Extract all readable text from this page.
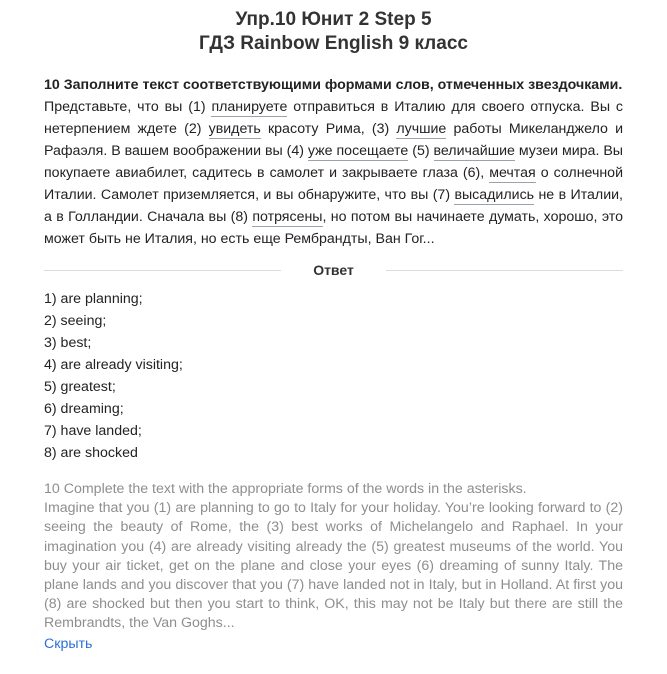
Упр.10 Юнит 2 Step 5
ГДЗ Rainbow English 9 класс
10 Заполните текст соответствующими формами слов, отмеченных звездочками.
Представьте, что вы (1) планируете отправиться в Италию для своего отпуска. Вы с нетерпением ждете (2) увидеть красоту Рима, (3) лучшие работы Микеланджело и Рафаэля. В вашем воображении вы (4) уже посещаете (5) величайшие музеи мира. Вы покупаете авиабилет, садитесь в самолет и закрываете глаза (6), мечтая о солнечной Италии. Самолет приземляется, и вы обнаружите, что вы (7) высадились не в Италии, а в Голландии. Сначала вы (8) потрясены, но потом вы начинаете думать, хорошо, это может быть не Италия, но есть еще Рембрандты, Ван Гог...
Ответ
1) are planning;
2) seeing;
3) best;
4) are already visiting;
5) greatest;
6) dreaming;
7) have landed;
8) are shocked
10 Complete the text with the appropriate forms of the words in the asterisks.
Imagine that you (1) are planning to go to Italy for your holiday. You’re looking forward to (2) seeing the beauty of Rome, the (3) best works of Michelangelo and Raphael. In your imagination you (4) are already visiting already the (5) greatest museums of the world. You buy your air ticket, get on the plane and close your eyes (6) dreaming of sunny Italy. The plane lands and you discover that you (7) have landed not in Italy, but in Holland. At first you (8) are shocked but then you start to think, OK, this may not be Italy but there are still the Rembrandts, the Van Goghs...
Скрыть
